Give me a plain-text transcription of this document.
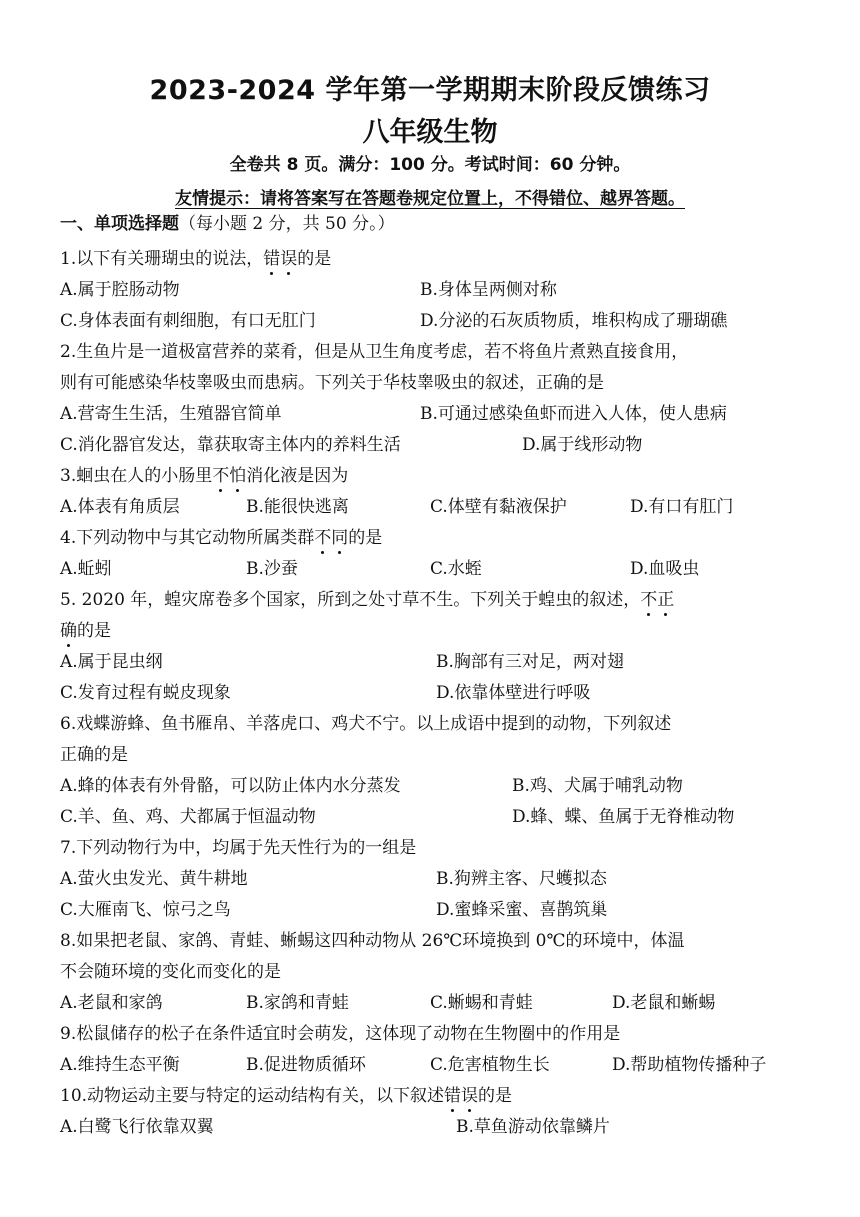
2023-2024 学年第一学期期末阶段反馈练习
八年级生物
全卷共 8 页。满分：100 分。考试时间：60 分钟。
友情提示：请将答案写在答题卷规定位置上，不得错位、越界答题。
一、单项选择题（每小题 2 分，共 50 分。）
1.以下有关珊瑚虫的说法，错误
的是
A.属于腔肠动物	B.身体呈两侧对称
C.身体表面有刺细胞，有口无肛门	D.分泌的石灰质物质，堆积构成了珊瑚礁
2.生鱼片是一道极富营养的菜肴，但是从卫生角度考虑，若不将鱼片煮熟直接食用，
则有可能感染华枝睾吸虫而患病。下列关于华枝睾吸虫的叙述，正确的是
A.营寄生生活，生殖器官简单	B.可通过感染鱼虾而进入人体，使人患病
C.消化器官发达，靠获取寄主体内的养料生活	D.属于线形动物
3.蛔虫在人的小肠里不怕
消化液是因为
A.体表有角质层	B.能很快逃离	C.体壁有黏液保护	D.有口有肛门
4.下列动物中与其它动物所属类群不同
的是
A.蚯蚓	B.沙蚕	C.水蛭	D.血吸虫
5. 2020 年，蝗灾席卷多个国家，所到之处寸草不生。下列关于蝗虫的叙述，不正
确
的是
A.属于昆虫纲	B.胸部有三对足，两对翅
C.发育过程有蜕皮现象	D.依靠体壁进行呼吸
6.戏蝶游蜂、鱼书雁帛、羊落虎口、鸡犬不宁。以上成语中提到的动物，下列叙述
正确的是
A.蜂的体表有外骨骼，可以防止体内水分蒸发	B.鸡、犬属于哺乳动物
C.羊、鱼、鸡、犬都属于恒温动物	D.蜂、蝶、鱼属于无脊椎动物
7.下列动物行为中，均属于先天性行为的一组是
A.萤火虫发光、黄牛耕地	B.狗辨主客、尺蠖拟态
C.大雁南飞、惊弓之鸟	D.蜜蜂采蜜、喜鹊筑巢
8.如果把老鼠、家鸽、青蛙、蜥蜴这四种动物从 26℃环境换到 0℃的环境中，体温
不会随环境的变化而变化的是
A.老鼠和家鸽	B.家鸽和青蛙	C.蜥蜴和青蛙	D.老鼠和蜥蜴
9.松鼠储存的松子在条件适宜时会萌发，这体现了动物在生物圈中的作用是
A.维持生态平衡	B.促进物质循环	C.危害植物生长	D.帮助植物传播种子
10.动物运动主要与特定的运动结构有关，以下叙述错误
的是
A.白鹭飞行依靠双翼	B.草鱼游动依靠鳞片
